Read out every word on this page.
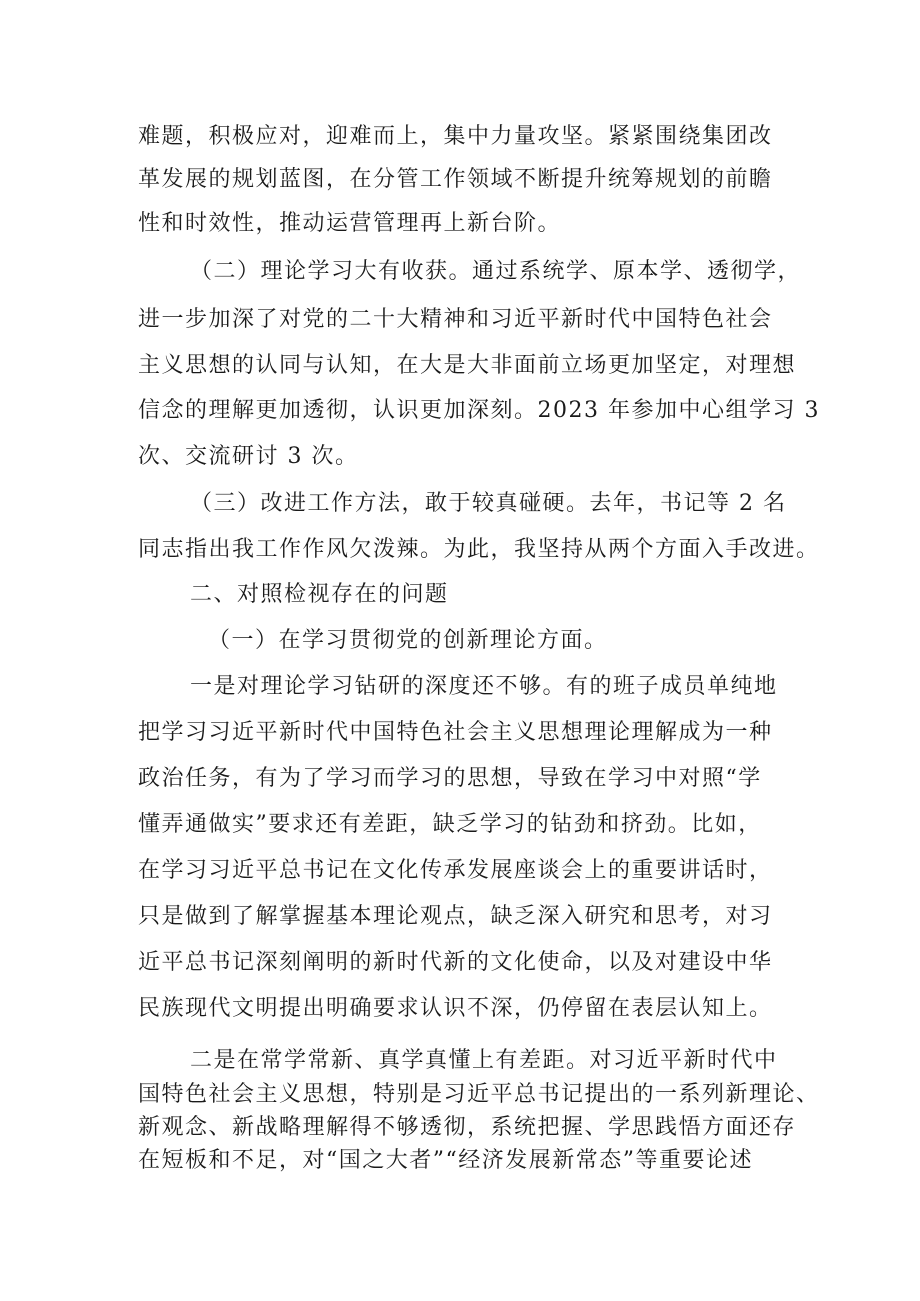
难题，积极应对，迎难而上，集中力量攻坚。紧紧围绕集团改
革发展的规划蓝图，在分管工作领域不断提升统筹规划的前瞻
性和时效性，推动运营管理再上新台阶。
（二）理论学习大有收获。通过系统学、原本学、透彻学，
进一步加深了对党的二十大精神和习近平新时代中国特色社会
主义思想的认同与认知，在大是大非面前立场更加坚定，对理想
信念的理解更加透彻，认识更加深刻。2023 年参加中心组学习 3
次、交流研讨 3 次。
（三）改进工作方法，敢于较真碰硬。去年，书记等 2 名
同志指出我工作作风欠泼辣。为此，我坚持从两个方面入手改进。
二、对照检视存在的问题
（一）在学习贯彻党的创新理论方面。
一是对理论学习钻研的深度还不够。有的班子成员单纯地
把学习习近平新时代中国特色社会主义思想理论理解成为一种
政治任务，有为了学习而学习的思想，导致在学习中对照“学
懂弄通做实”要求还有差距，缺乏学习的钻劲和挤劲。比如，
在学习习近平总书记在文化传承发展座谈会上的重要讲话时，
只是做到了解掌握基本理论观点，缺乏深入研究和思考，对习
近平总书记深刻阐明的新时代新的文化使命，以及对建设中华
民族现代文明提出明确要求认识不深，仍停留在表层认知上。
二是在常学常新、真学真懂上有差距。对习近平新时代中
国特色社会主义思想，特别是习近平总书记提出的一系列新理论、
新观念、新战略理解得不够透彻，系统把握、学思践悟方面还存
在短板和不足，对“国之大者”“经济发展新常态”等重要论述
